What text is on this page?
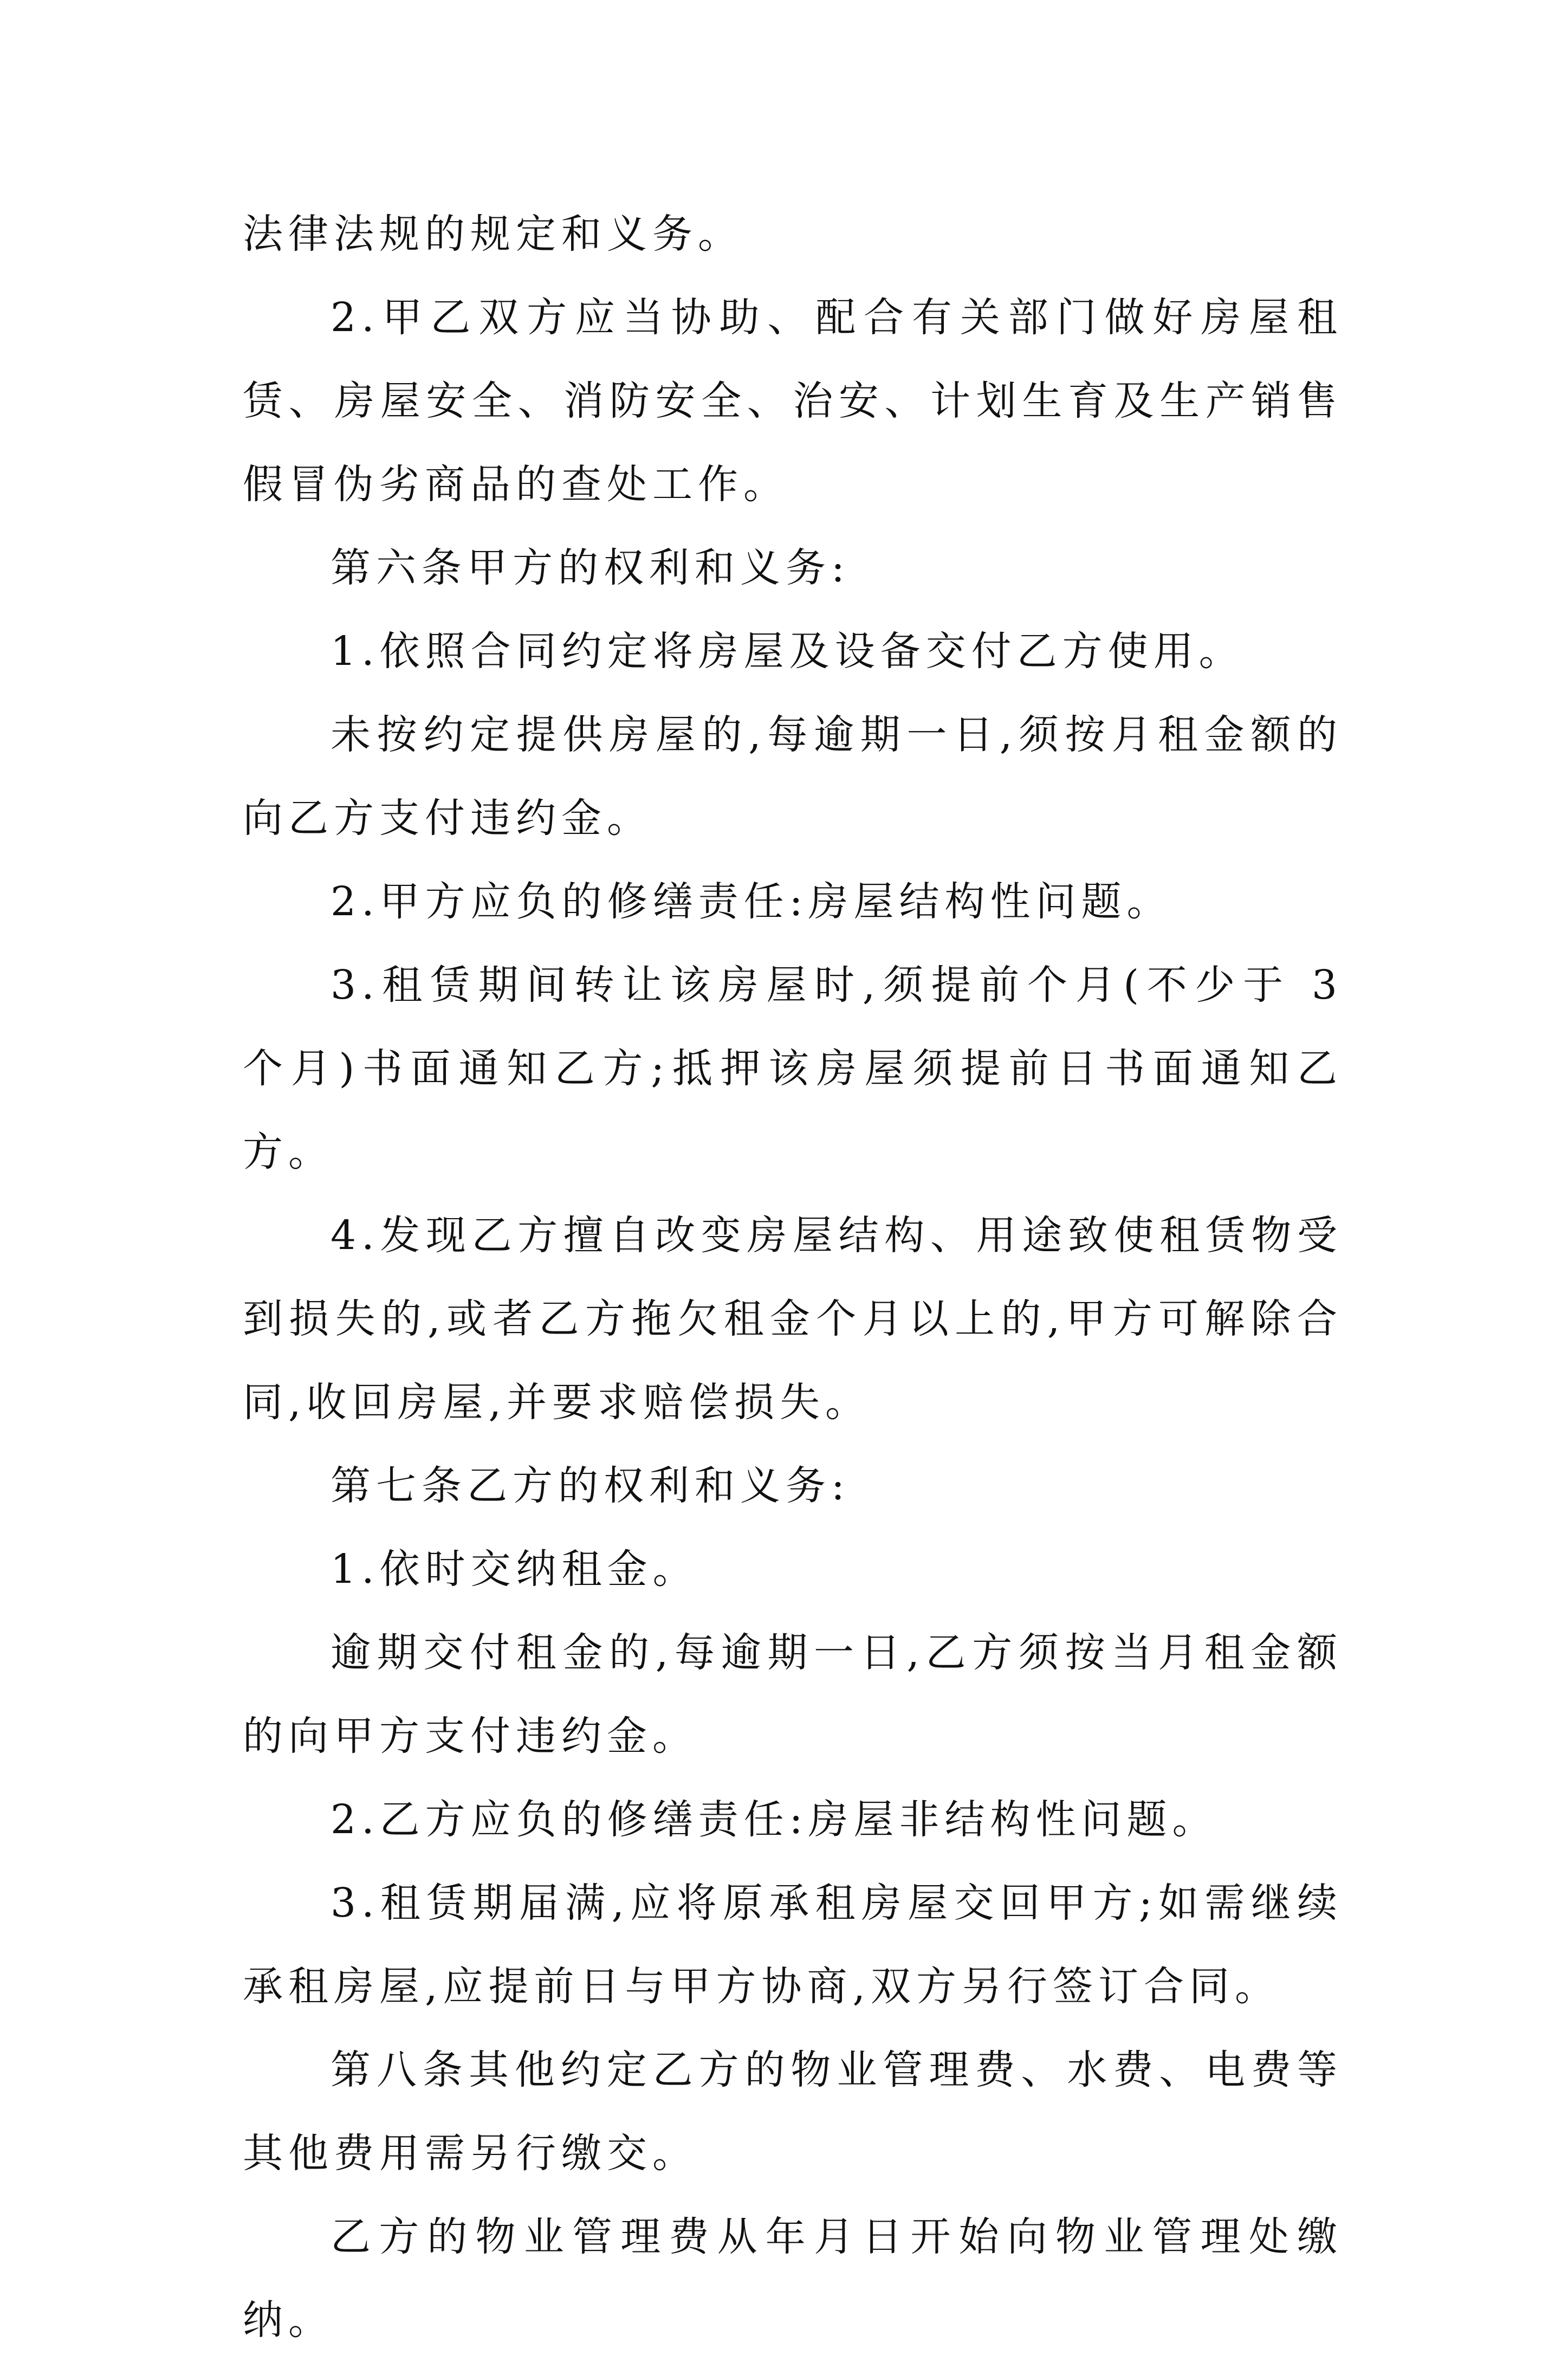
法律法规的规定和义务。

2.甲乙双方应当协助、配合有关部门做好房屋租赁、房屋安全、消防安全、治安、计划生育及生产销售假冒伪劣商品的查处工作。

第六条甲方的权利和义务:

1.依照合同约定将房屋及设备交付乙方使用。

未按约定提供房屋的,每逾期一日,须按月租金额的向乙方支付违约金。

2.甲方应负的修缮责任:房屋结构性问题。

3.租赁期间转让该房屋时,须提前个月(不少于 3 个月)书面通知乙方;抵押该房屋须提前日书面通知乙方。

4.发现乙方擅自改变房屋结构、用途致使租赁物受到损失的,或者乙方拖欠租金个月以上的,甲方可解除合同,收回房屋,并要求赔偿损失。

第七条乙方的权利和义务:

1.依时交纳租金。

逾期交付租金的,每逾期一日,乙方须按当月租金额的向甲方支付违约金。

2.乙方应负的修缮责任:房屋非结构性问题。

3.租赁期届满,应将原承租房屋交回甲方;如需继续承租房屋,应提前日与甲方协商,双方另行签订合同。

第八条其他约定乙方的物业管理费、水费、电费等其他费用需另行缴交。

乙方的物业管理费从年月日开始向物业管理处缴纳。
